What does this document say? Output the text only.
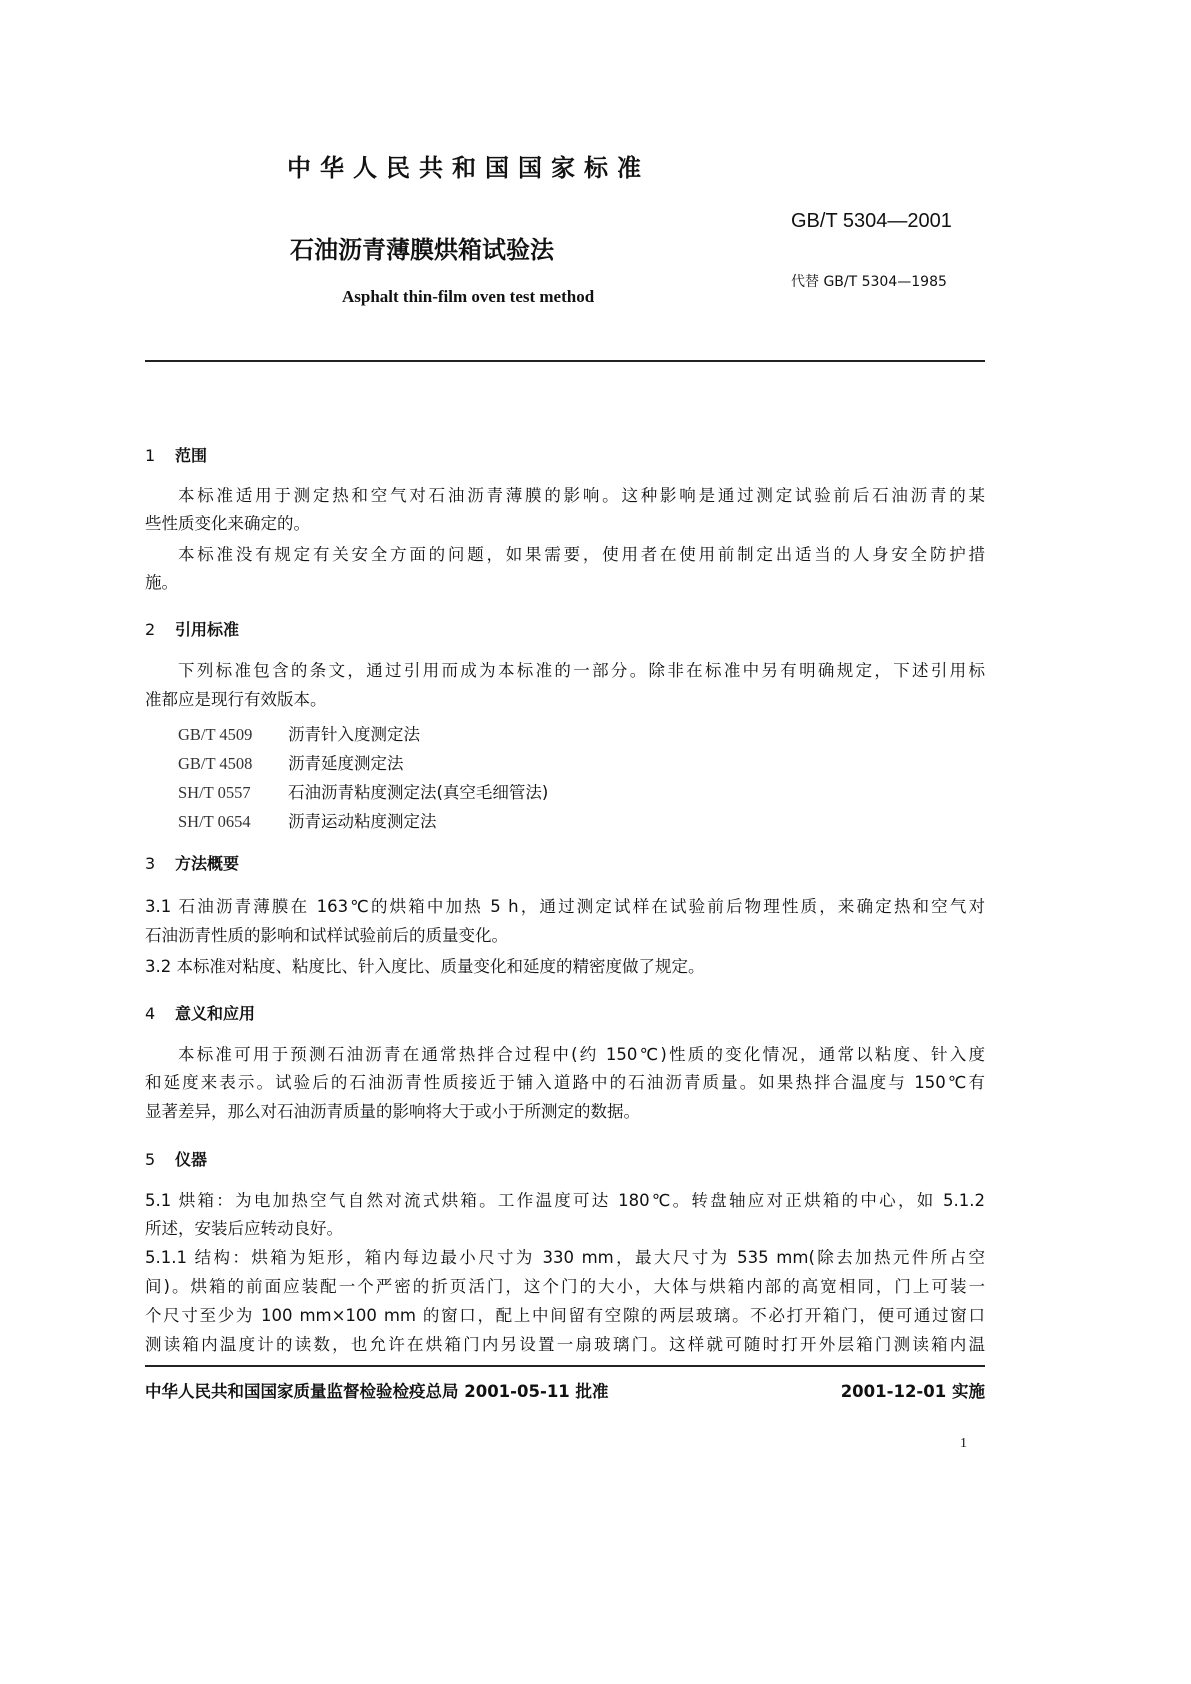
中华人民共和国国家标准
GB/T 5304—2001
石油沥青薄膜烘箱试验法
代替 GB/T 5304—1985
Asphalt thin-film oven test method
1 范围
本标准适用于测定热和空气对石油沥青薄膜的影响。这种影响是通过测定试验前后石油沥青的某
些性质变化来确定的。
本标准没有规定有关安全方面的问题，如果需要，使用者在使用前制定出适当的人身安全防护措
施。
2 引用标准
下列标准包含的条文，通过引用而成为本标准的一部分。除非在标准中另有明确规定，下述引用标
准都应是现行有效版本。
GB/T 4509 沥青针入度测定法
GB/T 4508 沥青延度测定法
SH/T 0557 石油沥青粘度测定法(真空毛细管法)
SH/T 0654 沥青运动粘度测定法
3 方法概要
3.1 石油沥青薄膜在 163℃的烘箱中加热 5 h，通过测定试样在试验前后物理性质，来确定热和空气对
石油沥青性质的影响和试样试验前后的质量变化。
3.2 本标准对粘度、粘度比、针入度比、质量变化和延度的精密度做了规定。
4 意义和应用
本标准可用于预测石油沥青在通常热拌合过程中(约 150℃)性质的变化情况，通常以粘度、针入度
和延度来表示。试验后的石油沥青性质接近于铺入道路中的石油沥青质量。如果热拌合温度与 150℃有
显著差异，那么对石油沥青质量的影响将大于或小于所测定的数据。
5 仪器
5.1 烘箱：为电加热空气自然对流式烘箱。工作温度可达 180℃。转盘轴应对正烘箱的中心，如 5.1.2
所述，安装后应转动良好。
5.1.1 结构：烘箱为矩形，箱内每边最小尺寸为 330 mm，最大尺寸为 535 mm(除去加热元件所占空
间)。烘箱的前面应装配一个严密的折页活门，这个门的大小，大体与烘箱内部的高宽相同，门上可装一
个尺寸至少为 100 mm×100 mm 的窗口，配上中间留有空隙的两层玻璃。不必打开箱门，便可通过窗口
测读箱内温度计的读数，也允许在烘箱门内另设置一扇玻璃门。这样就可随时打开外层箱门测读箱内温
中华人民共和国国家质量监督检验检疫总局 2001-05-11 批准	2001-12-01 实施
1
